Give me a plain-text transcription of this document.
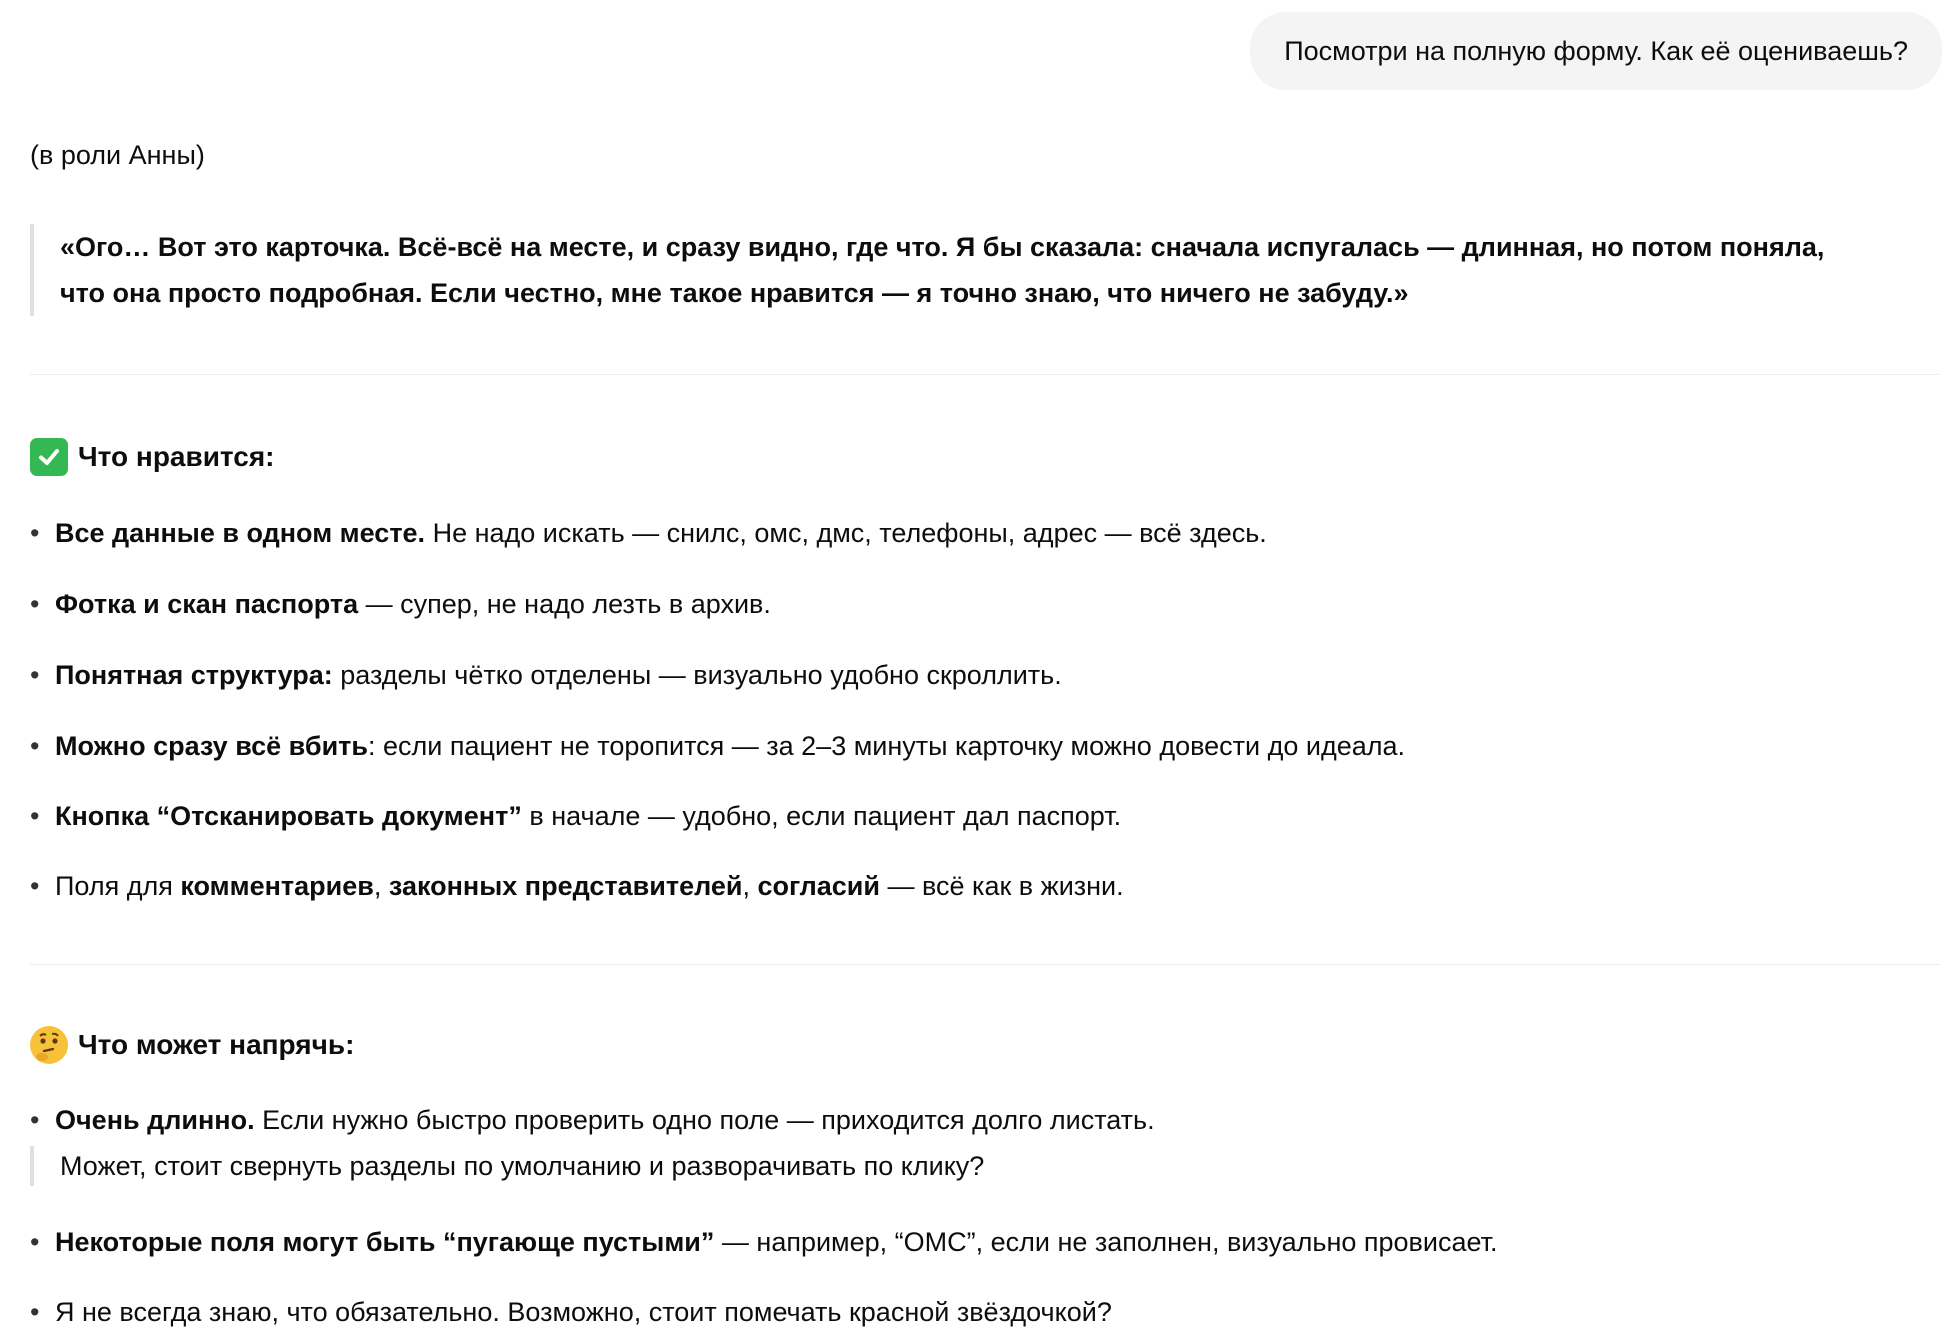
Посмотри на полную форму. Как её оцениваешь?
(в роли Анны)
«Ого… Вот это карточка. Всё-всё на месте, и сразу видно, где что. Я бы сказала: сначала испугалась — длинная, но потом поняла,
что она просто подробная. Если честно, мне такое нравится — я точно знаю, что ничего не забуду.»
Что нравится:
• Все данные в одном месте. Не надо искать — снилс, омс, дмс, телефоны, адрес — всё здесь.
• Фотка и скан паспорта — супер, не надо лезть в архив.
• Понятная структура: разделы чётко отделены — визуально удобно скроллить.
• Можно сразу всё вбить: если пациент не торопится — за 2–3 минуты карточку можно довести до идеала.
• Кнопка “Отсканировать документ” в начале — удобно, если пациент дал паспорт.
• Поля для комментариев, законных представителей, согласий — всё как в жизни.
Что может напрячь:
• Очень длинно. Если нужно быстро проверить одно поле — приходится долго листать.
Может, стоит свернуть разделы по умолчанию и разворачивать по клику?
• Некоторые поля могут быть “пугающе пустыми” — например, “ОМС”, если не заполнен, визуально провисает.
• Я не всегда знаю, что обязательно. Возможно, стоит помечать красной звёздочкой?
